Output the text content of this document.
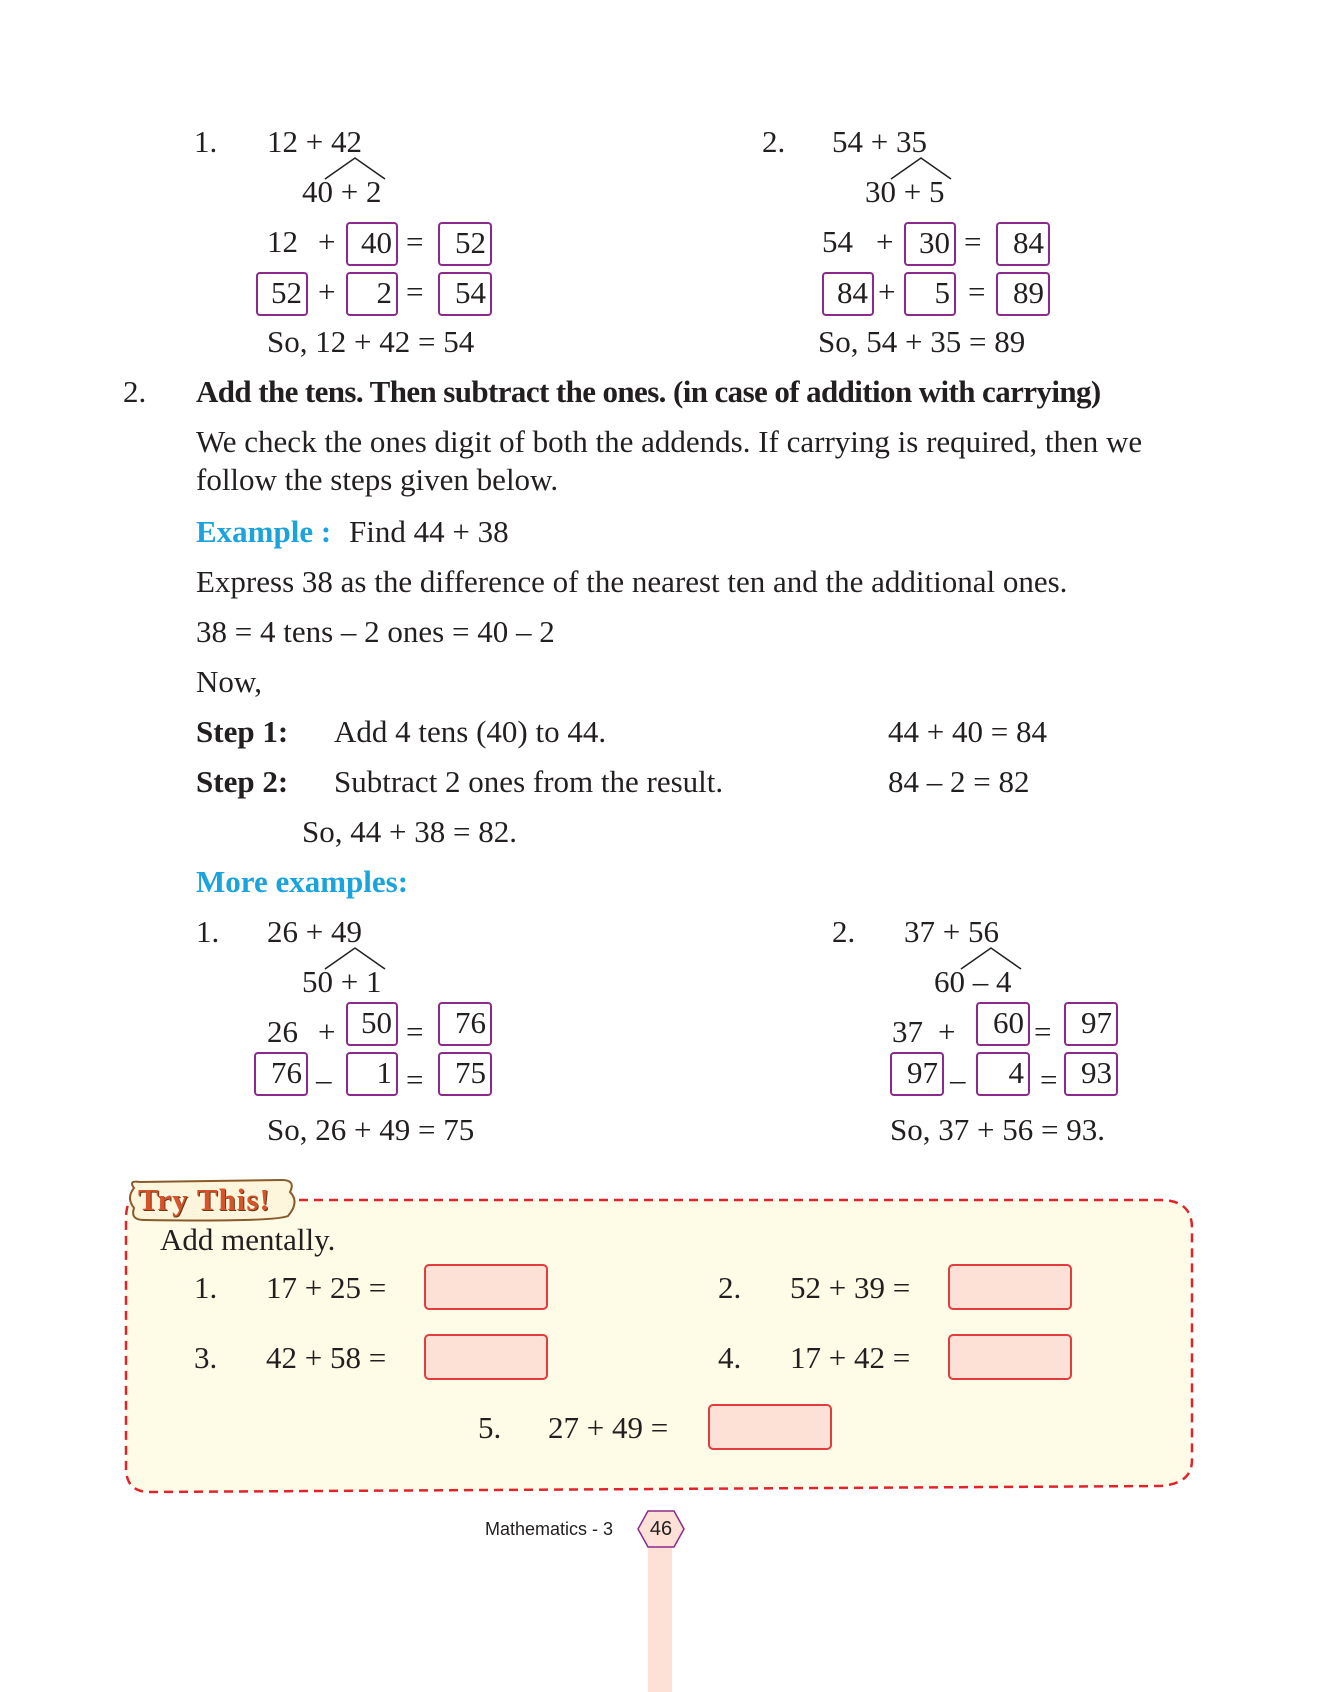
1. 12 + 42
40 + 2
12 + 40 =	52
52 +	2 =	54
So, 12 + 42 = 54
2. 54 + 35
30 + 5
54 + 30 =	84
84 +	5 = 89
So, 54 + 35 = 89
2. Add the tens. Then subtract the ones. (in case of addition with carrying)
We check the ones digit of both the addends. If carrying is required, then we
follow the steps given below.
Example : Find 44 + 38
Express 38 as the difference of the nearest ten and the additional ones.
38 = 4 tens – 2 ones = 40 – 2
Now,
Step 1: Add 4 tens (40) to 44.	44 + 40 = 84
Step 2: Subtract 2 ones from the result.	84 – 2 = 82
So, 44 + 38 = 82.
More examples:
1. 26 + 49
50 + 1
26 + 50 =	76
76 –	1 =	75
So, 26 + 49 = 75
2. 37 + 56
60 – 4
37 +	60 = 97
97 –	4 = 93
So, 37 + 56 = 93.
Try This!
Add mentally.
1. 17 + 25 =	2. 52 + 39 =
3. 42 + 58 =	4. 17 + 42 =
5. 27 + 49 =
Mathematics - 3	46
